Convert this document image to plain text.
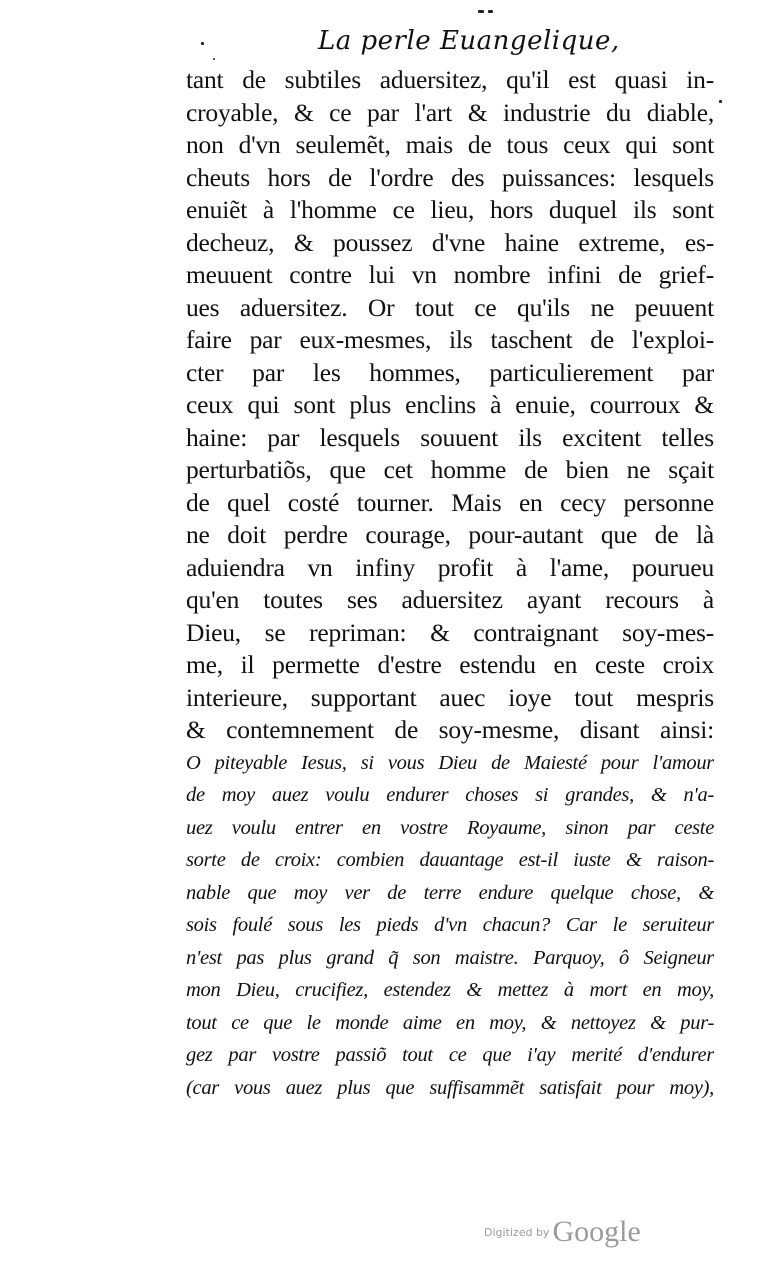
La perle Euangelique,
tant de subtiles aduersitez, qu'il est quasi in-
croyable, & ce par l'art & industrie du diable,
non d'vn seulemẽt, mais de tous ceux qui sont
cheuts hors de l'ordre des puissances: lesquels
enuiẽt à l'homme ce lieu, hors duquel ils sont
decheuz, & poussez d'vne haine extreme, es-
meuuent contre lui vn nombre infini de grief-
ues aduersitez. Or tout ce qu'ils ne peuuent
faire par eux-mesmes, ils taschent de l'exploi-
cter par les hommes, particulierement par
ceux qui sont plus enclins à enuie, courroux &
haine: par lesquels souuent ils excitent telles
perturbatiõs, que cet homme de bien ne sçait
de quel costé tourner. Mais en cecy personne
ne doit perdre courage, pour-autant que de là
aduiendra vn infiny profit à l'ame, pourueu
qu'en toutes ses aduersitez ayant recours à
Dieu, se repriman: & contraignant soy-mes-
me, il permette d'estre estendu en ceste croix
interieure, supportant auec ioye tout mespris
& contemnement de soy-mesme, disant ainsi:
O piteyable Iesus, si vous Dieu de Maiesté pour l'amour
de moy auez voulu endurer choses si grandes, & n'a-
uez voulu entrer en vostre Royaume, sinon par ceste
sorte de croix: combien dauantage est-il iuste & raison-
nable que moy ver de terre endure quelque chose, &
sois foulé sous les pieds d'vn chacun? Car le seruiteur
n'est pas plus grand q̃ son maistre. Parquoy, ô Seigneur
mon Dieu, crucifiez, estendez & mettez à mort en moy,
tout ce que le monde aime en moy, & nettoyez & pur-
gez par vostre passiõ tout ce que i'ay merité d'endurer
(car vous auez plus que suffisammẽt satisfait pour moy),
$^{Digitized by}$ Google
